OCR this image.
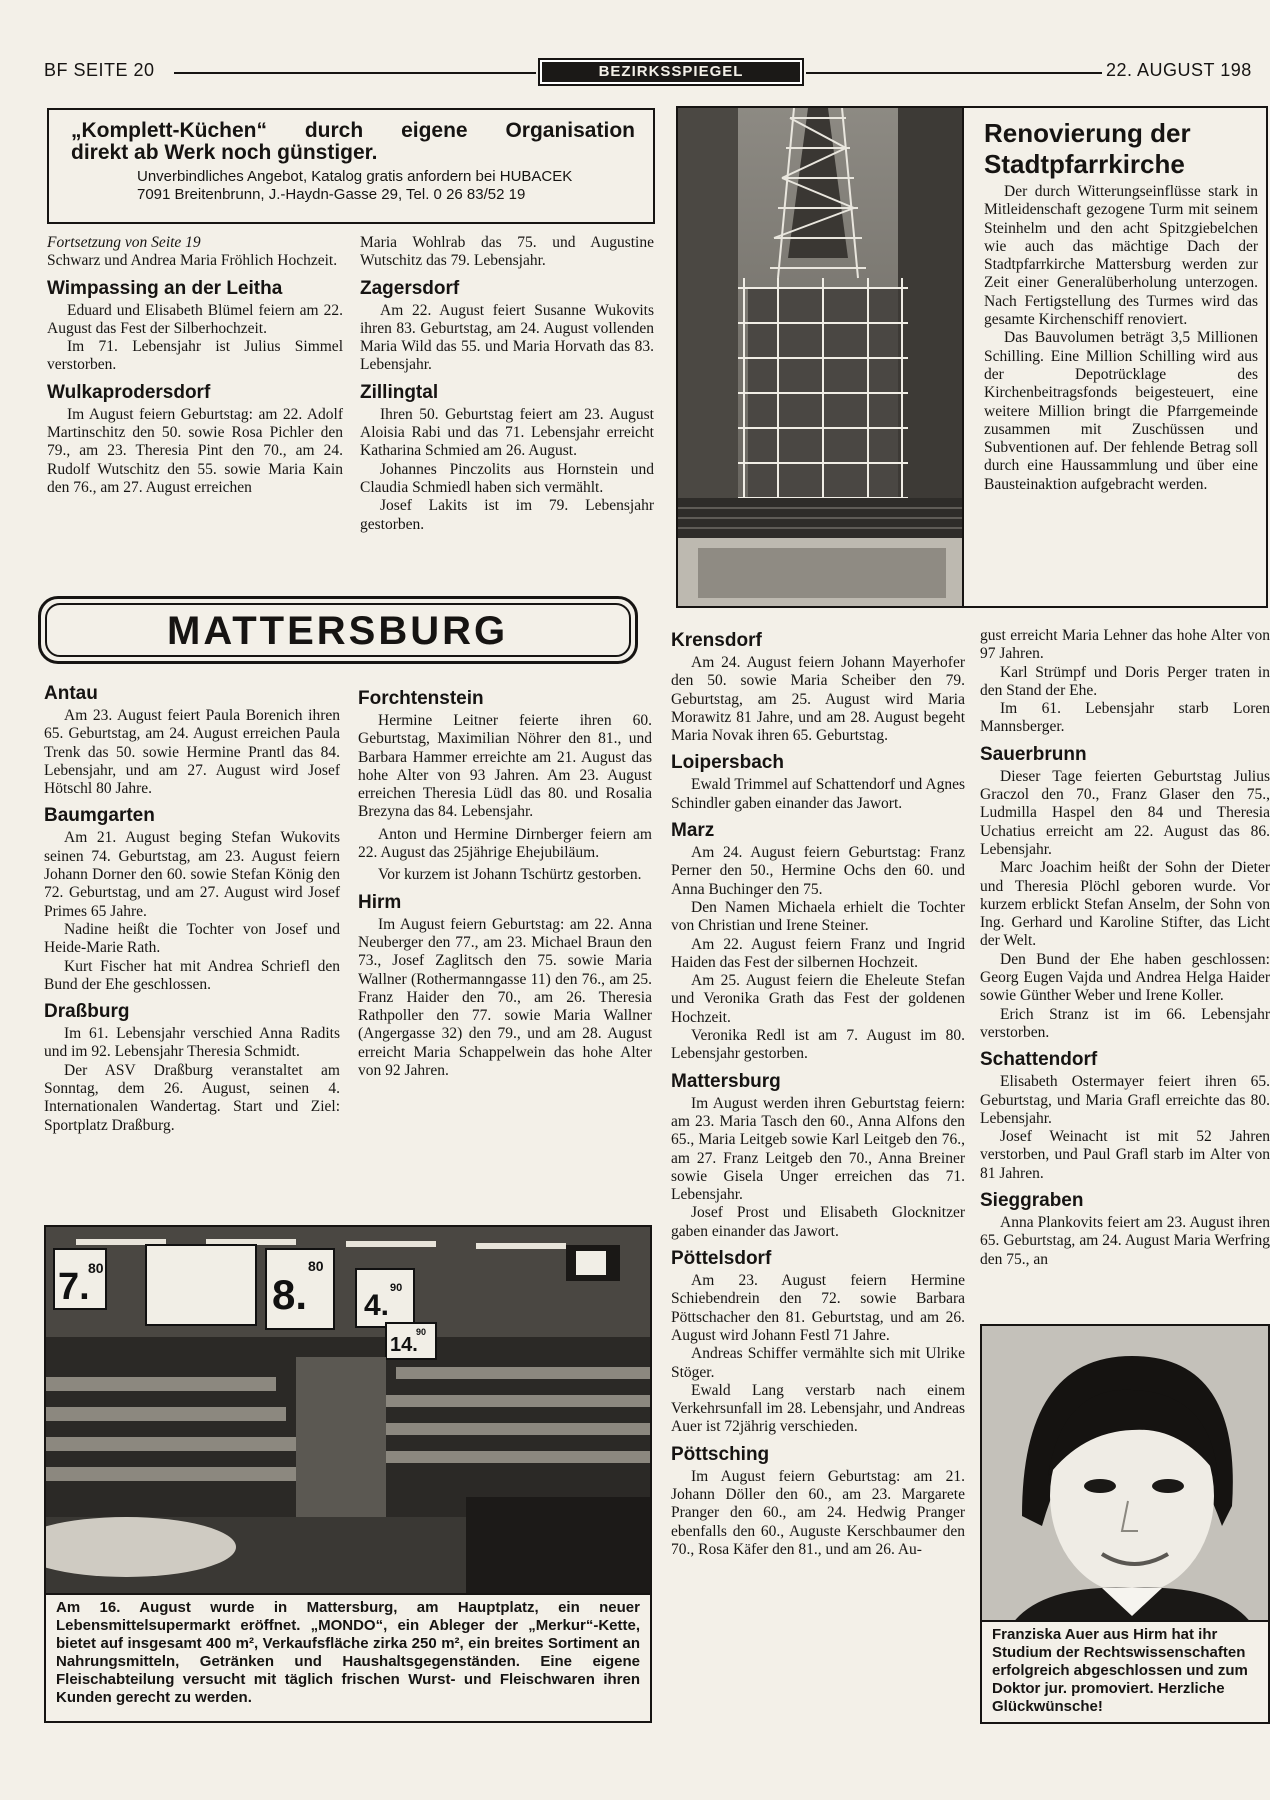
BF SEITE 20	BEZIRKSSPIEGEL	22. AUGUST 198
„Komplett-Küchen“ durch eigene Organisation
direkt ab Werk noch günstiger.
Unverbindliches Angebot, Katalog gratis anfordern bei HUBACEK
7091 Breitenbrunn, J.-Haydn-Gasse 29, Tel. 0 26 83/52 19

Fortsetzung von Seite 19

Schwarz und Andrea Maria Fröhlich Hochzeit.

Wimpassing an der Leitha

Eduard und Elisabeth Blümel feiern am 22. August das Fest der Silberhochzeit.

Im 71. Lebensjahr ist Julius Simmel verstorben.

Wulkaprodersdorf

Im August feiern Geburtstag: am 22. Adolf Martinschitz den 50. sowie Rosa Pichler den 79., am 23. Theresia Pint den 70., am 24. Rudolf Wutschitz den 55. sowie Maria Kain den 76., am 27. August erreichen

Maria Wohlrab das 75. und Augustine Wutschitz das 79. Lebensjahr.

Zagersdorf

Am 22. August feiert Susanne Wukovits ihren 83. Geburtstag, am 24. August vollenden Maria Wild das 55. und Maria Horvath das 83. Lebensjahr.

Zillingtal

Ihren 50. Geburtstag feiert am 23. August Aloisia Rabi und das 71. Lebensjahr erreicht Katharina Schmied am 26. August.

Johannes Pinczolits aus Hornstein und Claudia Schmiedl haben sich vermählt.

Josef Lakits ist im 79. Lebensjahr gestorben.

Renovierung der Stadtpfarrkirche

Der durch Witterungseinflüsse stark in Mitleidenschaft gezogene Turm mit seinem Steinhelm und den acht Spitzgiebelchen wie auch das mächtige Dach der Stadtpfarrkirche Mattersburg werden zur Zeit einer Generalüberholung unterzogen. Nach Fertigstellung des Turmes wird das gesamte Kirchenschiff renoviert.

Das Bauvolumen beträgt 3,5 Millionen Schilling. Eine Million Schilling wird aus der Depotrücklage des Kirchenbeitragsfonds beigesteuert, eine weitere Million bringt die Pfarrgemeinde zusammen mit Zuschüssen und Subventionen auf. Der fehlende Betrag soll durch eine Haussammlung und über eine Bausteinaktion aufgebracht werden.

MATTERSBURG
Antau

Am 23. August feiert Paula Borenich ihren 65. Geburtstag, am 24. August erreichen Paula Trenk das 50. sowie Hermine Prantl das 84. Lebensjahr, und am 27. August wird Josef Hötschl 80 Jahre.

Baumgarten

Am 21. August beging Stefan Wukovits seinen 74. Geburtstag, am 23. August feiern Johann Dorner den 60. sowie Stefan König den 72. Geburtstag, und am 27. August wird Josef Primes 65 Jahre.

Nadine heißt die Tochter von Josef und Heide-Marie Rath.

Kurt Fischer hat mit Andrea Schriefl den Bund der Ehe geschlossen.

Draßburg

Im 61. Lebensjahr verschied Anna Radits und im 92. Lebensjahr Theresia Schmidt.

Der ASV Draßburg veranstaltet am Sonntag, dem 26. August, seinen 4. Internationalen Wandertag. Start und Ziel: Sportplatz Draßburg.

Forchtenstein

Hermine Leitner feierte ihren 60. Geburtstag, Maximilian Nöhrer den 81., und Barbara Hammer erreichte am 21. August das hohe Alter von 93 Jahren. Am 23. August erreichen Theresia Lüdl das 80. und Rosalia Brezyna das 84. Lebensjahr.

Anton und Hermine Dirnberger feiern am 22. August das 25jährige Ehejubiläum.

Vor kurzem ist Johann Tschürtz gestorben.

Hirm

Im August feiern Geburtstag: am 22. Anna Neuberger den 77., am 23. Michael Braun den 73., Josef Zaglitsch den 75. sowie Maria Wallner (Rothermanngasse 11) den 76., am 25. Franz Haider den 70., am 26. Theresia Rathpoller den 77. sowie Maria Wallner (Angergasse 32) den 79., und am 28. August erreicht Maria Schappelwein das hohe Alter von 92 Jahren.

7.
80
8.
80
4.
90
14.
90
Am 16. August wurde in Mattersburg, am Hauptplatz, ein neuer Lebensmittelsupermarkt eröffnet. „MONDO“, ein Ableger der „Merkur“-Kette, bietet auf insgesamt 400 m², Verkaufsfläche zirka 250 m², ein breites Sortiment an Nahrungsmitteln, Getränken und Haushaltsgegenständen. Eine eigene Fleischabteilung versucht mit täglich frischen Wurst- und Fleischwaren ihren Kunden gerecht zu werden.
Krensdorf

Am 24. August feiern Johann Mayerhofer den 50. sowie Maria Scheiber den 79. Geburtstag, am 25. August wird Maria Morawitz 81 Jahre, und am 28. August begeht Maria Novak ihren 65. Geburtstag.

Loipersbach

Ewald Trimmel auf Schattendorf und Agnes Schindler gaben einander das Jawort.

Marz

Am 24. August feiern Geburtstag: Franz Perner den 50., Hermine Ochs den 60. und Anna Buchinger den 75.

Den Namen Michaela erhielt die Tochter von Christian und Irene Steiner.

Am 22. August feiern Franz und Ingrid Haiden das Fest der silbernen Hochzeit.

Am 25. August feiern die Eheleute Stefan und Veronika Grath das Fest der goldenen Hochzeit.

Veronika Redl ist am 7. August im 80. Lebensjahr gestorben.

Mattersburg

Im August werden ihren Geburtstag feiern: am 23. Maria Tasch den 60., Anna Alfons den 65., Maria Leitgeb sowie Karl Leitgeb den 76., am 27. Franz Leitgeb den 70., Anna Breiner sowie Gisela Unger erreichen das 71. Lebensjahr.

Josef Prost und Elisabeth Glocknitzer gaben einander das Jawort.

Pöttelsdorf

Am 23. August feiern Hermine Schiebendrein den 72. sowie Barbara Pöttschacher den 81. Geburtstag, und am 26. August wird Johann Festl 71 Jahre.

Andreas Schiffer vermählte sich mit Ulrike Stöger.

Ewald Lang verstarb nach einem Verkehrsunfall im 28. Lebensjahr, und Andreas Auer ist 72jährig verschieden.

Pöttsching

Im August feiern Geburtstag: am 21. Johann Döller den 60., am 23. Margarete Pranger den 60., am 24. Hedwig Pranger ebenfalls den 60., Auguste Kerschbaumer den 70., Rosa Käfer den 81., und am 26. Au-

gust erreicht Maria Lehner das hohe Alter von 97 Jahren.

Karl Strümpf und Doris Perger traten in den Stand der Ehe.

Im 61. Lebensjahr starb Loren Mannsberger.

Sauerbrunn

Dieser Tage feierten Geburtstag Julius Graczol den 70., Franz Glaser den 75., Ludmilla Haspel den 84 und Theresia Uchatius erreicht am 22. August das 86. Lebensjahr.

Marc Joachim heißt der Sohn der Dieter und Theresia Plöchl geboren wurde. Vor kurzem erblickt Stefan Anselm, der Sohn von Ing. Gerhard und Karoline Stifter, das Licht der Welt.

Den Bund der Ehe haben geschlossen: Georg Eugen Vajda und Andrea Helga Haider sowie Günther Weber und Irene Koller.

Erich Stranz ist im 66. Lebensjahr verstorben.

Schattendorf

Elisabeth Ostermayer feiert ihren 65. Geburtstag, und Maria Grafl erreichte das 80. Lebensjahr.

Josef Weinacht ist mit 52 Jahren verstorben, und Paul Grafl starb im Alter von 81 Jahren.

Sieggraben

Anna Plankovits feiert am 23. August ihren 65. Geburtstag, am 24. August Maria Werfring den 75., an

Franziska Auer aus Hirm hat ihr Studium der Rechtswissenschaften erfolgreich abgeschlossen und zum Doktor jur. promoviert. Herzliche Glückwünsche!
